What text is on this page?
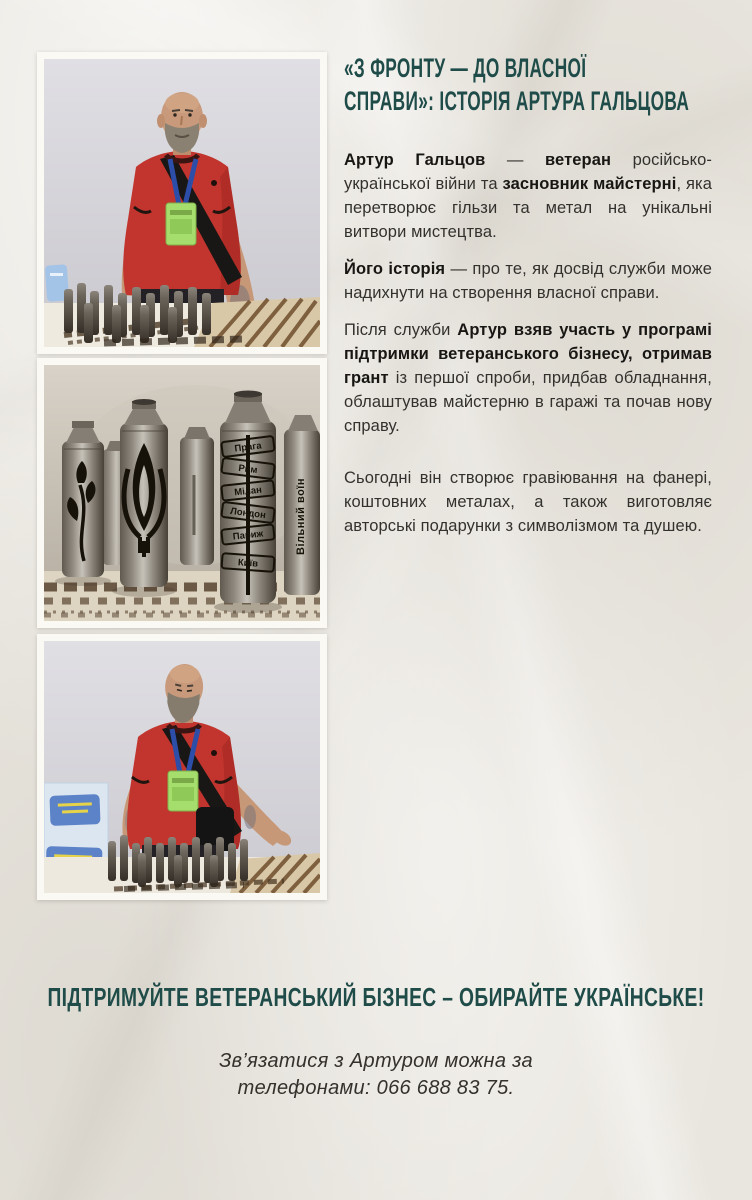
Вільний воїн
Прага
Рим
Мілан
Лондон
Париж
Київ
«З ФРОНТУ — ДО ВЛАСНОЇ
СПРАВИ»: ІСТОРІЯ АРТУРА ГАЛЬЦОВА

Артур Гальцов — ветеран російсько-української війни та засновник майстерні, яка перетворює гільзи та метал на унікальні витвори мистецтва.

Його історія — про те, як досвід служби може надихнути на створення власної справи.

Після служби Артур взяв участь у програмі підтримки ветеранського бізнесу, отримав грант із першої спроби, придбав обладнання, облаштував майстерню в гаражі та почав нову справу.

Сьогодні він створює гравіювання на фанері, коштовних металах, а також виготовляє авторські подарунки з символізмом та душею.

ПІДТРИМУЙТЕ ВЕТЕРАНСЬКИЙ БІЗНЕС – ОБИРАЙТЕ УКРАЇНСЬКЕ!
Зв’язатися з Артуром можна за
телефонами: 066 688 83 75.
